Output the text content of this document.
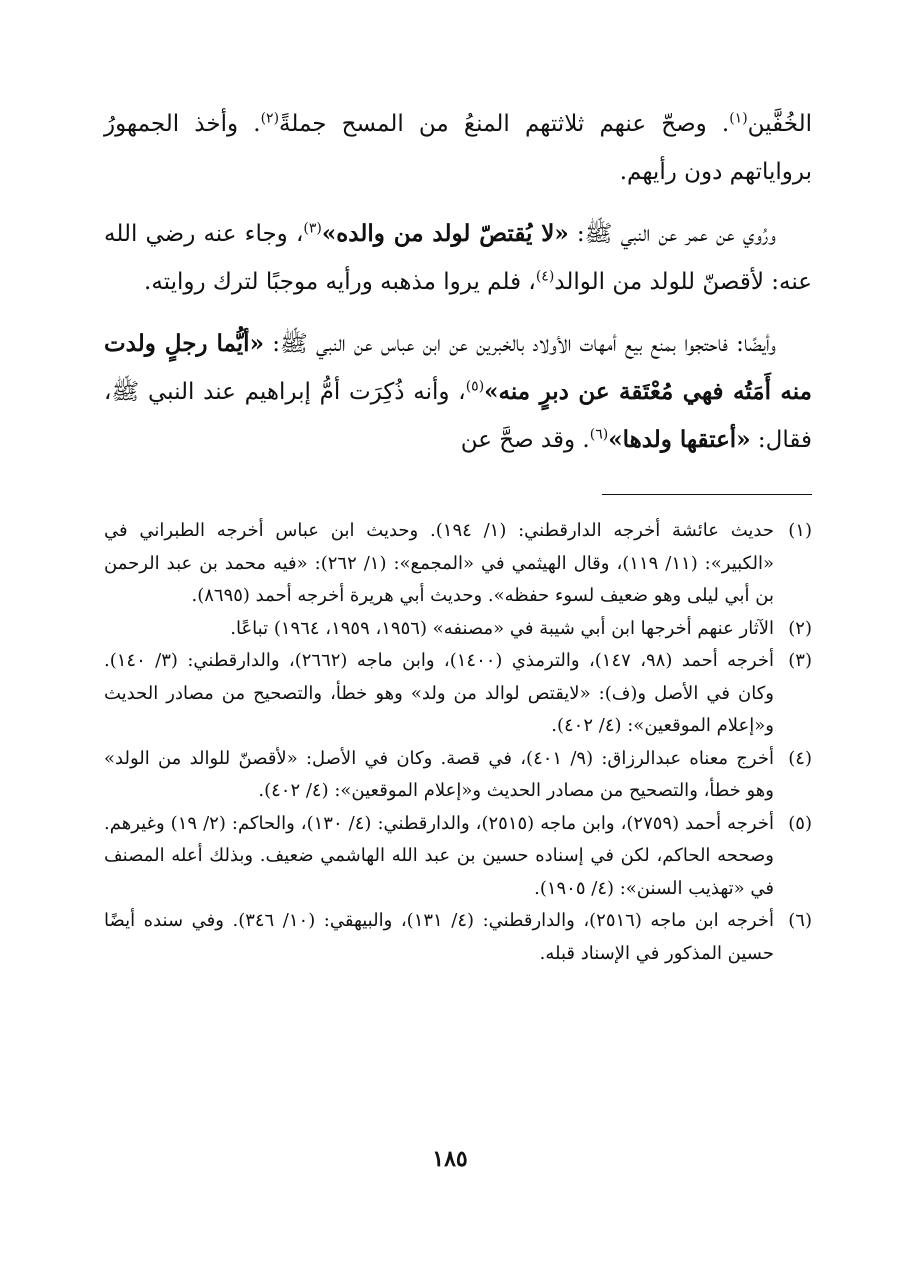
الخُفَّين$^{(١)}$. وصحّ عنهم ثلاثتهم المنعُ من المسح جملةً$^{(٢)}$. وأخذ الجمهورُ برواياتهم دون رأيهم.

ورُوي عن عمر عن النبي ﷺ: «لا يُقتصّ لولد من والده»$^{(٣)}$، وجاء عنه رضي الله عنه: لأقصنّ للولد من الوالد$^{(٤)}$، فلم يروا مذهبه ورأيه موجبًا لترك روايته.

وأيضًا: فاحتجوا بمنع بيع أمهات الأولاد بالخبرين عن ابن عباس عن النبي ﷺ: «أيُّما رجلٍ ولدت منه أَمَتُه فهي مُعْتَقة عن دبرٍ منه»$^{(٥)}$، وأنه ذُكِرَت أمُّ إبراهيم عند النبي ﷺ، فقال: «أعتقها ولدها»$^{(٦)}$. وقد صحَّ عن

(١)
حديث عائشة أخرجه الدارقطني: (١/ ١٩٤). وحديث ابن عباس أخرجه الطبراني في «الكبير»: (١١/ ١١٩)، وقال الهيثمي في «المجمع»: (١/ ٢٦٢): «فيه محمد بن عبد الرحمن بن أبي ليلى وهو ضعيف لسوء حفظه». وحديث أبي هريرة أخرجه أحمد (٨٦٩٥).
(٢)
الآثار عنهم أخرجها ابن أبي شيبة في «مصنفه» (١٩٥٦، ١٩٥٩، ١٩٦٤) تباعًا.
(٣)
أخرجه أحمد (٩٨، ١٤٧)، والترمذي (١٤٠٠)، وابن ماجه (٢٦٦٢)، والدارقطني: (٣/ ١٤٠). وكان في الأصل و(ف): «لايقتص لوالد من ولد» وهو خطأ، والتصحيح من مصادر الحديث و«إعلام الموقعين»: (٤/ ٤٠٢).
(٤)
أخرج معناه عبدالرزاق: (٩/ ٤٠١)، في قصة. وكان في الأصل: «لأقصنّ للوالد من الولد» وهو خطأ، والتصحيح من مصادر الحديث و«إعلام الموقعين»: (٤/ ٤٠٢).
(٥)
أخرجه أحمد (٢٧٥٩)، وابن ماجه (٢٥١٥)، والدارقطني: (٤/ ١٣٠)، والحاكم: (٢/ ١٩) وغيرهم. وصححه الحاكم، لكن في إسناده حسين بن عبد الله الهاشمي ضعيف. وبذلك أعله المصنف في «تهذيب السنن»: (٤/ ١٩٠٥).
(٦)
أخرجه ابن ماجه (٢٥١٦)، والدارقطني: (٤/ ١٣١)، والبيهقي: (١٠/ ٣٤٦). وفي سنده أيضًا حسين المذكور في الإسناد قبله.
١٨٥
